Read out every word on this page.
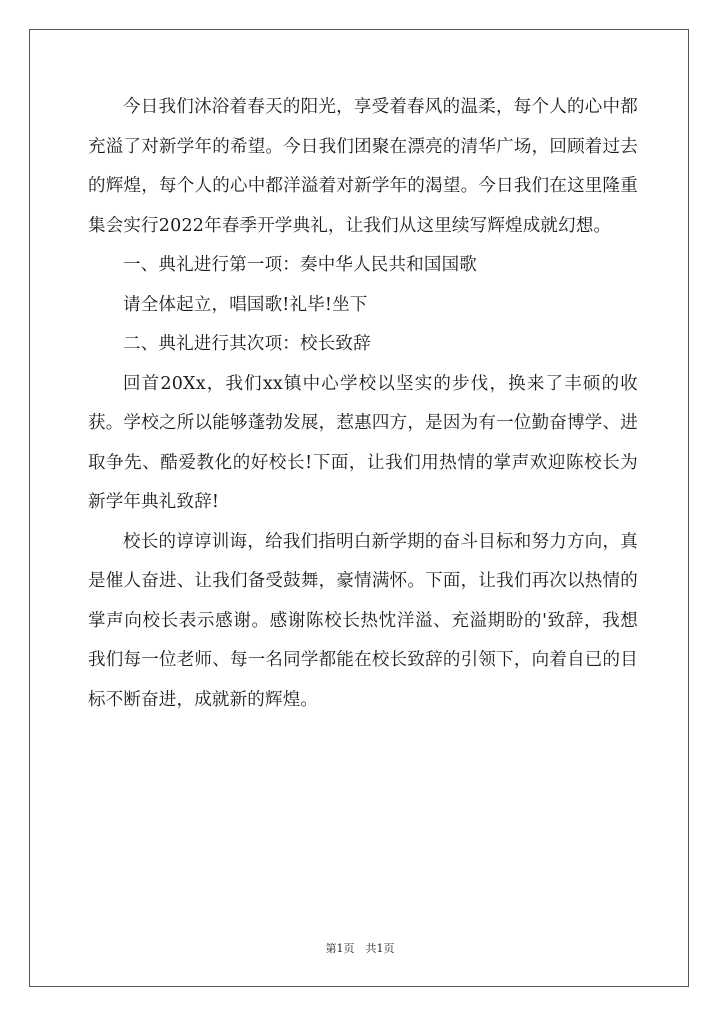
今日我们沐浴着春天的阳光，享受着春风的温柔，每个人的心中都充溢了对新学年的希望。今日我们团聚在漂亮的清华广场，回顾着过去的辉煌，每个人的心中都洋溢着对新学年的渴望。今日我们在这里隆重集会实行2022年春季开学典礼，让我们从这里续写辉煌成就幻想。

一、典礼进行第一项：奏中华人民共和国国歌

请全体起立，唱国歌!礼毕!坐下

二、典礼进行其次项：校长致辞

回首20Xx，我们xx镇中心学校以坚实的步伐，换来了丰硕的收获。学校之所以能够蓬勃发展，惹惠四方，是因为有一位勤奋博学、进取争先、酷爱教化的好校长!下面，让我们用热情的掌声欢迎陈校长为新学年典礼致辞!

校长的谆谆训诲，给我们指明白新学期的奋斗目标和努力方向，真是催人奋进、让我们备受鼓舞，豪情满怀。下面，让我们再次以热情的掌声向校长表示感谢。感谢陈校长热忱洋溢、充溢期盼的'致辞，我想我们每一位老师、每一名同学都能在校长致辞的引领下，向着自已的目标不断奋进，成就新的辉煌。

第1页　共1页
